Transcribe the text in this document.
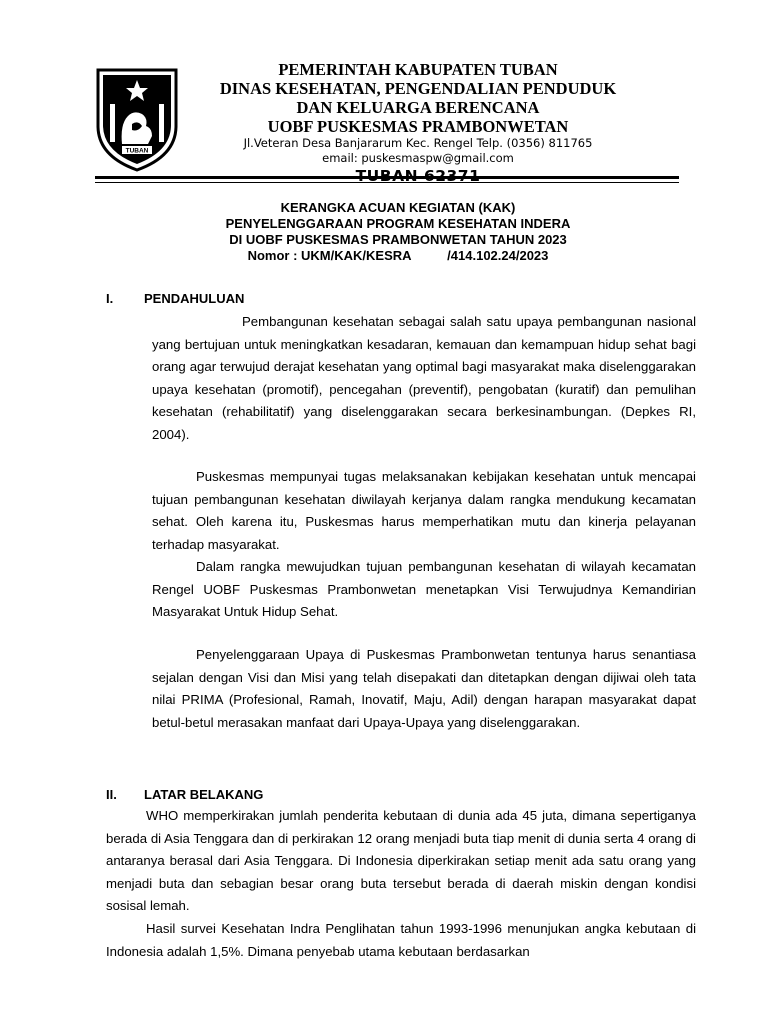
TUBAN

PEMERINTAH KABUPATEN TUBAN

DINAS KESEHATAN, PENGENDALIAN PENDUDUK

DAN KELUARGA BERENCANA

UOBF PUSKESMAS PRAMBONWETAN

Jl.Veteran Desa Banjararum Kec. Rengel Telp. (0356) 811765

email: puskesmaspw@gmail.com

KERANGKA ACUAN KEGIATAN (KAK)

PENYELENGGARAAN PROGRAM KESEHATAN INDERA

DI UOBF PUSKESMAS PRAMBONWETAN TAHUN 2023

Nomor : UKM/KAK/KESRA          /414.102.24/2023

I. PENDAHULUAN

Pembangunan kesehatan sebagai salah satu upaya pembangunan nasional yang bertujuan untuk meningkatkan kesadaran, kemauan dan kemampuan hidup sehat bagi orang agar terwujud derajat kesehatan yang optimal bagi masyarakat maka diselenggarakan upaya kesehatan (promotif), pencegahan (preventif), pengobatan (kuratif) dan pemulihan kesehatan (rehabilitatif) yang diselenggarakan secara berkesinambungan. (Depkes RI, 2004).

Puskesmas mempunyai tugas melaksanakan kebijakan kesehatan untuk mencapai tujuan pembangunan kesehatan diwilayah kerjanya dalam rangka mendukung kecamatan sehat. Oleh karena itu, Puskesmas harus memperhatikan mutu dan kinerja pelayanan terhadap masyarakat.

Dalam rangka mewujudkan tujuan pembangunan kesehatan di wilayah kecamatan Rengel UOBF Puskesmas Prambonwetan menetapkan Visi Terwujudnya Kemandirian Masyarakat Untuk Hidup Sehat.

Penyelenggaraan Upaya di Puskesmas Prambonwetan tentunya harus senantiasa sejalan dengan Visi dan Misi yang telah disepakati dan ditetapkan dengan dijiwai oleh tata nilai PRIMA (Profesional, Ramah, Inovatif, Maju, Adil) dengan harapan masyarakat dapat betul-betul merasakan manfaat dari Upaya-Upaya yang diselenggarakan.

II. LATAR BELAKANG

WHO memperkirakan jumlah penderita kebutaan di dunia ada 45 juta, dimana sepertiganya berada di Asia Tenggara dan di perkirakan 12 orang menjadi buta tiap menit di dunia serta 4 orang di antaranya berasal dari Asia Tenggara. Di Indonesia diperkirakan setiap menit ada satu orang yang menjadi buta dan sebagian besar orang buta tersebut berada di daerah miskin dengan kondisi sosisal lemah.

Hasil survei Kesehatan Indra Penglihatan tahun 1993-1996 menunjukan angka kebutaan di Indonesia adalah 1,5%. Dimana penyebab utama kebutaan berdasarkan
